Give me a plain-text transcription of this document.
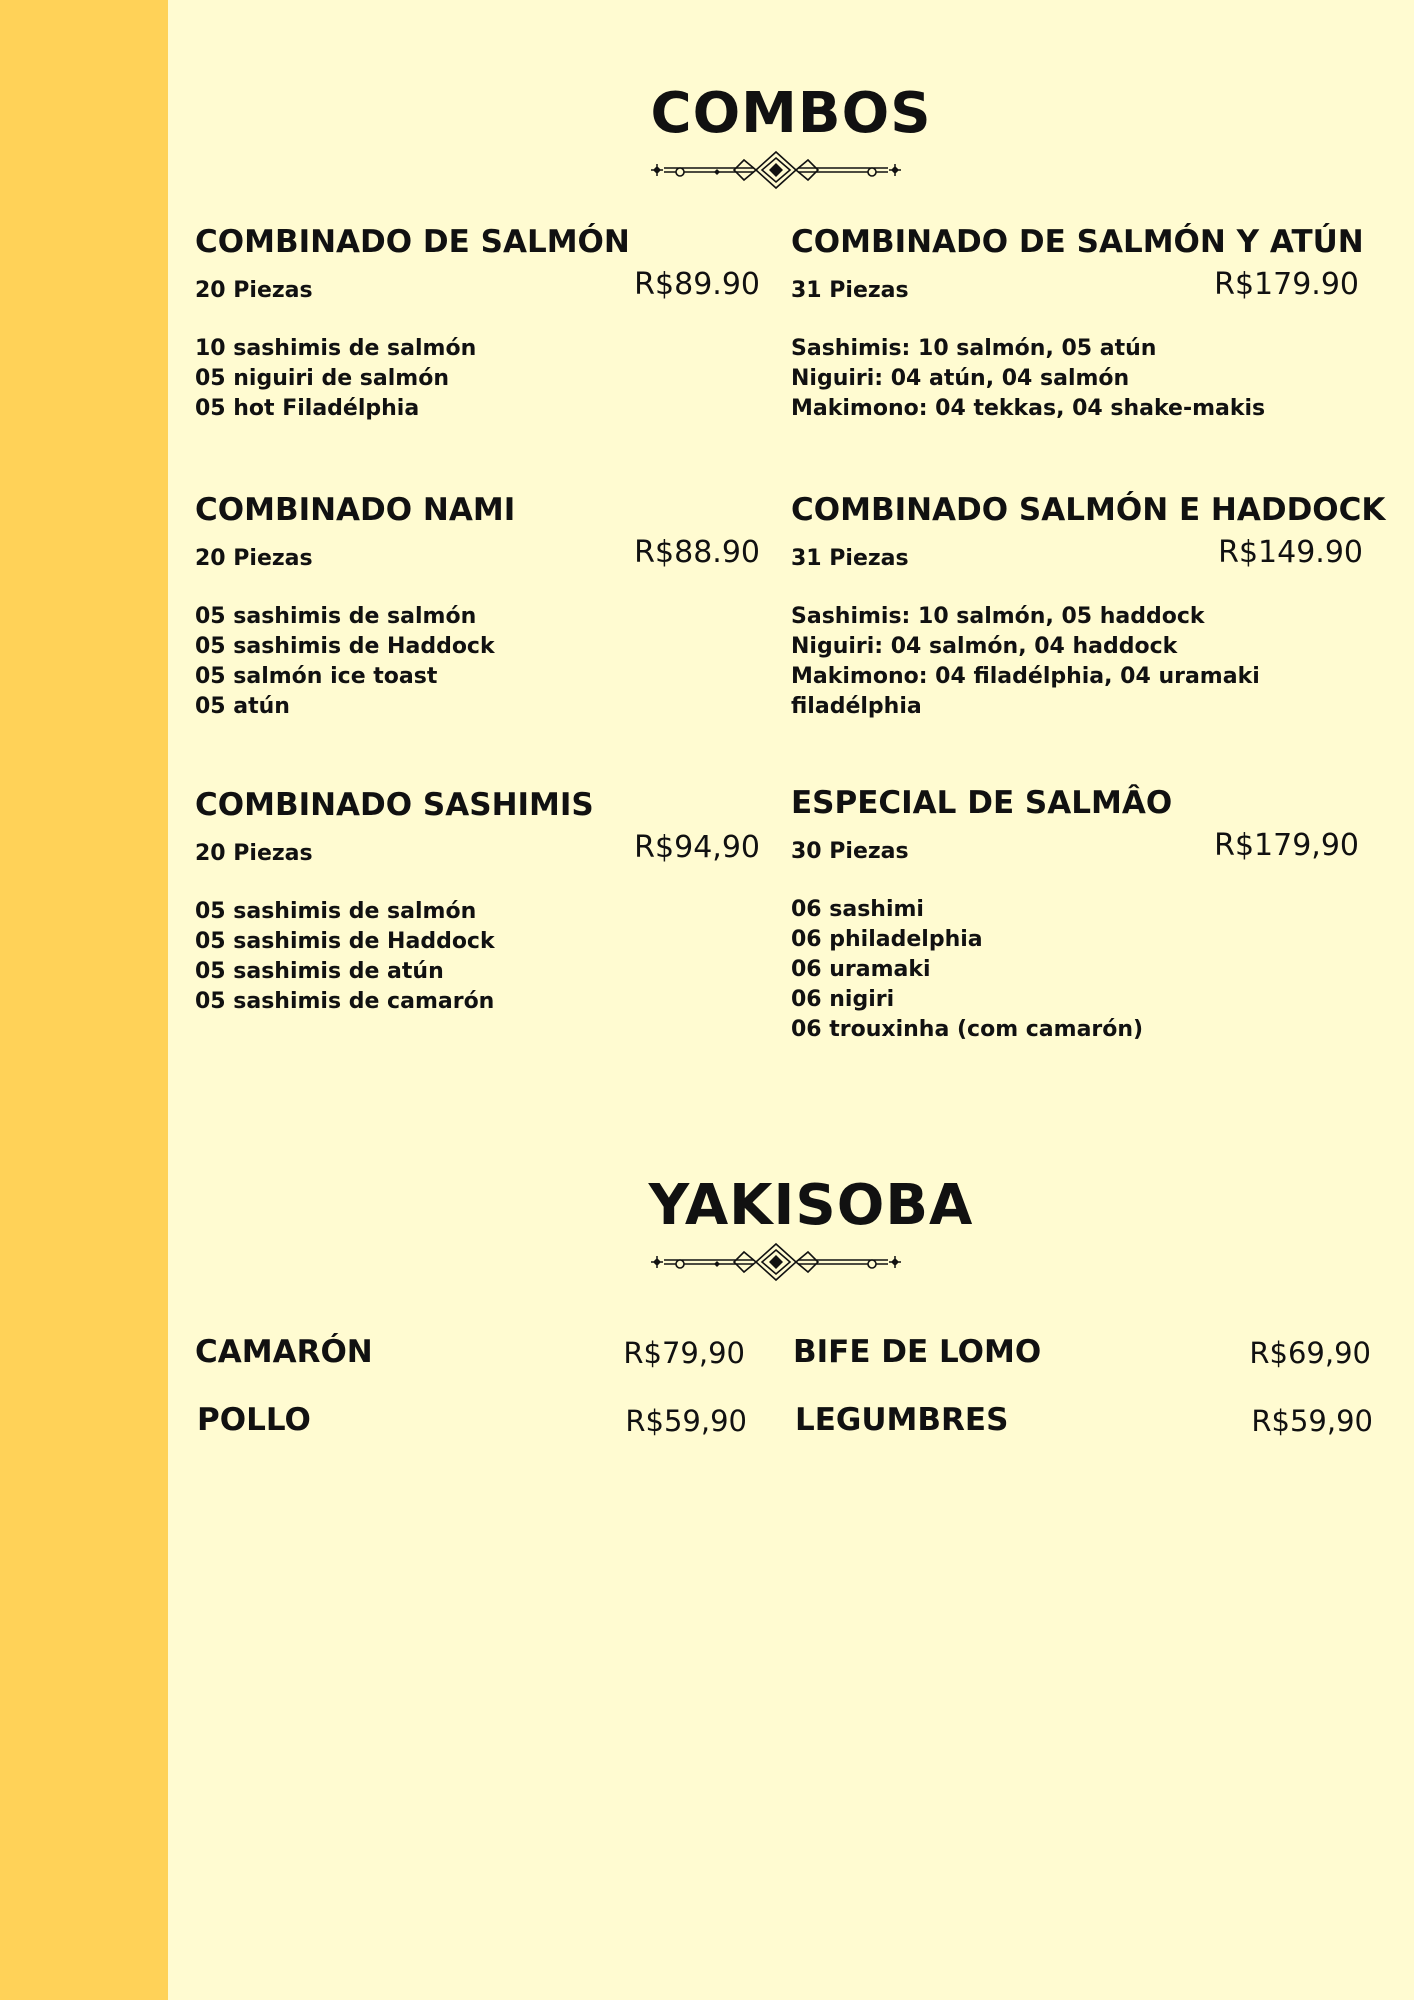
COMBOS
COMBINADO DE SALMÓN
20 Piezas	R$89.90
10 sashimis de salmón
05 niguiri de salmón
05 hot Filadélphia
COMBINADO DE SALMÓN Y ATÚN
31 Piezas	R$179.90
Sashimis: 10 salmón, 05 atún
Niguiri: 04 atún, 04 salmón
Makimono: 04 tekkas, 04 shake-makis
COMBINADO NAMI
20 Piezas	R$88.90
05 sashimis de salmón
05 sashimis de Haddock
05 salmón ice toast
05 atún
COMBINADO SALMÓN E HADDOCK
31 Piezas	R$149.90
Sashimis: 10 salmón, 05 haddock
Niguiri: 04 salmón, 04 haddock
Makimono: 04 filadélphia, 04 uramaki
filadélphia
COMBINADO SASHIMIS
20 Piezas	R$94,90
05 sashimis de salmón
05 sashimis de Haddock
05 sashimis de atún
05 sashimis de camarón
ESPECIAL DE SALMÂO
30 Piezas	R$179,90
06 sashimi
06 philadelphia
06 uramaki
06 nigiri
06 trouxinha (com camarón)
YAKISOBA
CAMARÓN	R$79,90 BIFE DE LOMO	R$69,90
POLLO	R$59,90 LEGUMBRES	R$59,90
